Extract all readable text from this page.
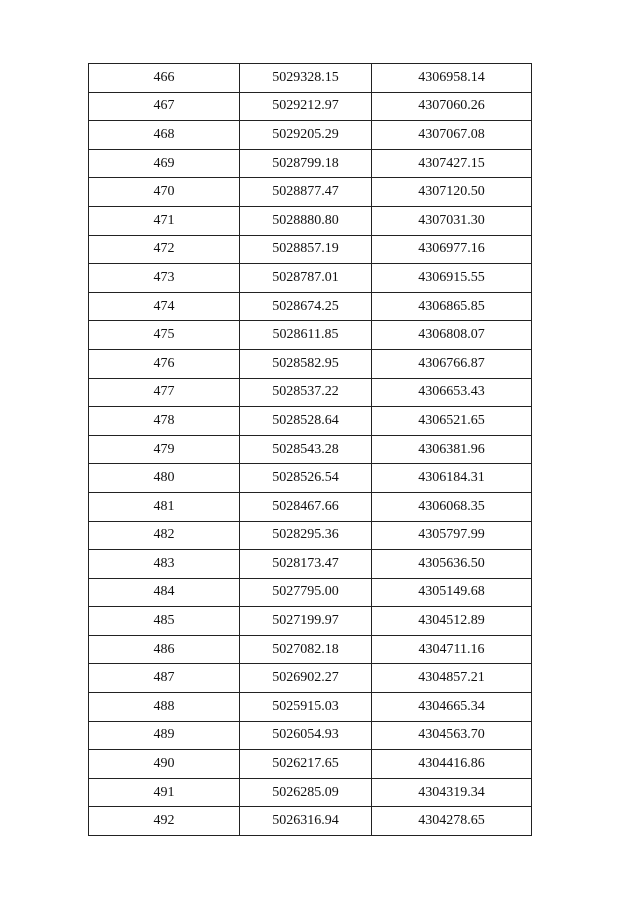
466	5029328.15	4306958.14
467	5029212.97	4307060.26
468	5029205.29	4307067.08
469	5028799.18	4307427.15
470	5028877.47	4307120.50
471	5028880.80	4307031.30
472	5028857.19	4306977.16
473	5028787.01	4306915.55
474	5028674.25	4306865.85
475	5028611.85	4306808.07
476	5028582.95	4306766.87
477	5028537.22	4306653.43
478	5028528.64	4306521.65
479	5028543.28	4306381.96
480	5028526.54	4306184.31
481	5028467.66	4306068.35
482	5028295.36	4305797.99
483	5028173.47	4305636.50
484	5027795.00	4305149.68
485	5027199.97	4304512.89
486	5027082.18	4304711.16
487	5026902.27	4304857.21
488	5025915.03	4304665.34
489	5026054.93	4304563.70
490	5026217.65	4304416.86
491	5026285.09	4304319.34
492	5026316.94	4304278.65
